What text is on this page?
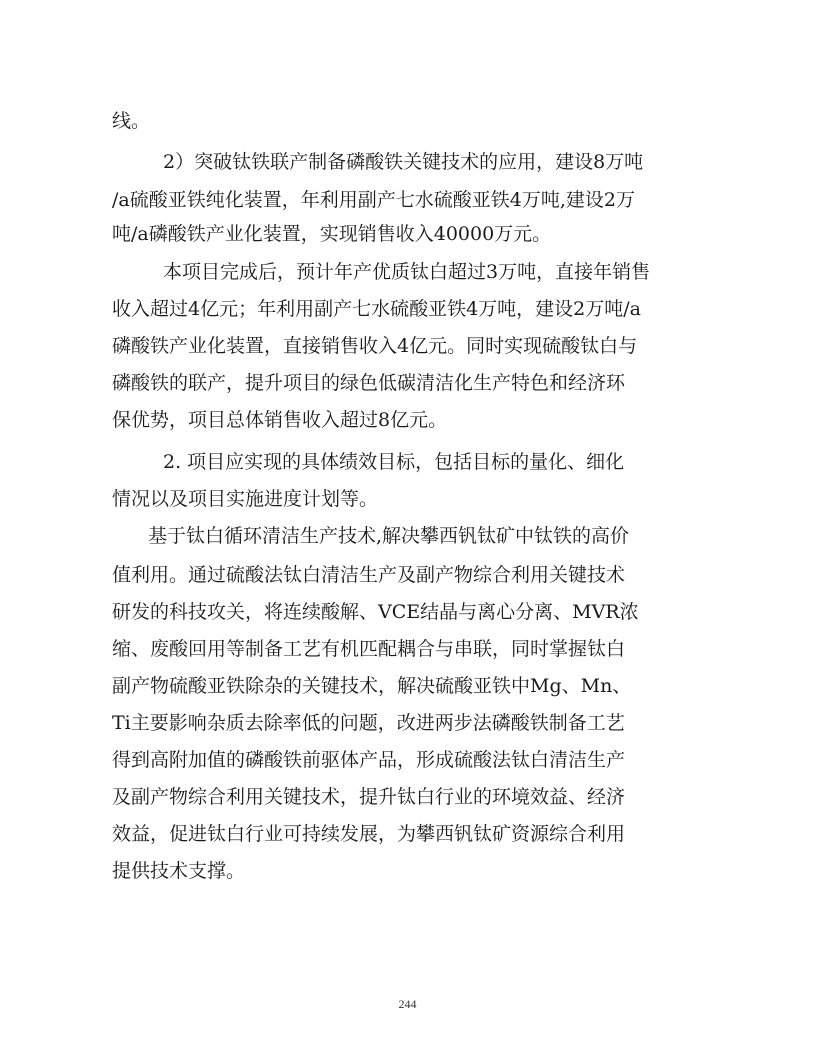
线。
2）突破钛铁联产制备磷酸铁关键技术的应用，建设8万吨
/a硫酸亚铁纯化装置，年利用副产七水硫酸亚铁4万吨,建设2万
吨/a磷酸铁产业化装置，实现销售收入40000万元。
本项目完成后，预计年产优质钛白超过3万吨，直接年销售
收入超过4亿元；年利用副产七水硫酸亚铁4万吨，建设2万吨/a
磷酸铁产业化装置，直接销售收入4亿元。同时实现硫酸钛白与
磷酸铁的联产，提升项目的绿色低碳清洁化生产特色和经济环
保优势，项目总体销售收入超过8亿元。
2. 项目应实现的具体绩效目标，包括目标的量化、细化
情况以及项目实施进度计划等。
基于钛白循环清洁生产技术,解决攀西钒钛矿中钛铁的高价
值利用。通过硫酸法钛白清洁生产及副产物综合利用关键技术
研发的科技攻关，将连续酸解、VCE结晶与离心分离、MVR浓
缩、废酸回用等制备工艺有机匹配耦合与串联，同时掌握钛白
副产物硫酸亚铁除杂的关键技术，解决硫酸亚铁中Mg、Mn、
Ti主要影响杂质去除率低的问题，改进两步法磷酸铁制备工艺
得到高附加值的磷酸铁前驱体产品，形成硫酸法钛白清洁生产
及副产物综合利用关键技术，提升钛白行业的环境效益、经济
效益，促进钛白行业可持续发展，为攀西钒钛矿资源综合利用
提供技术支撑。
244
